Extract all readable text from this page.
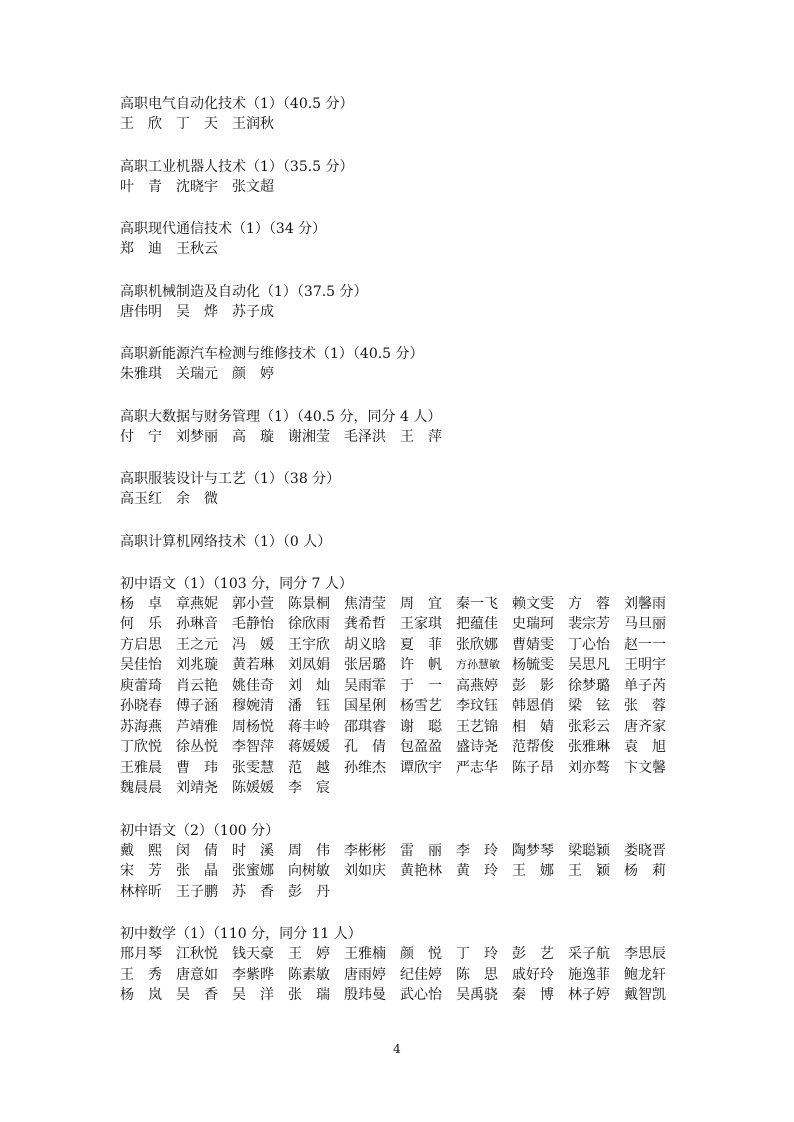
高职电气自动化技术（1）（40.5 分）
王　欣	丁　天	王润秋
高职工业机器人技术（1）（35.5 分）
叶　青	沈晓宇	张文超
高职现代通信技术（1）（34 分）
郑　迪	王秋云
高职机械制造及自动化（1）（37.5 分）
唐伟明	吴　烨	苏子成
高职新能源汽车检测与维修技术（1）（40.5 分）
朱雅琪	关瑞元	颜　婷
高职大数据与财务管理（1）（40.5 分，同分 4 人）
付　宁	刘梦丽	高　璇	谢湘莹	毛泽洪	王　萍
高职服装设计与工艺（1）（38 分）
高玉红	余　微
高职计算机网络技术（1）（0 人）
初中语文（1）（103 分，同分 7 人）
杨　卓	章燕妮	郭小萱	陈景桐	焦清莹	周　宜	秦一飞	赖文雯	方　蓉	刘馨雨
何　乐	孙琳音	毛静怡	徐欣雨	龚希哲	王家琪	把蕴佳	史瑞珂	裴宗芳	马旦丽
方启思	王之元	冯　媛	王宇欣	胡义晗	夏　菲	张欣娜	曹婧雯	丁心怡	赵一一
吴佳怡	刘兆璇	黄若琳	刘凤娟	张居璐	许　帆	方孙慧敏 杨毓雯	吴思凡	王明宇
庾蕾琦	肖云艳	姚佳奇	刘　灿	吴雨霏	于　一	高燕婷	彭　影	徐梦璐	单子芮
孙晓春	傅子涵	穆婉清	潘　钰	国星俐	杨雪艺	李玟钰	韩恩俏	梁　铉	张　蓉
苏海燕	芦靖雅	周杨悦	蒋丰岭	邵琪睿	谢　聪	王艺锦	相　婧	张彩云	唐齐家
丁欣悦	徐丛悦	李智萍	蒋媛媛	孔　倩	包盈盈	盛诗尧	范帮俊	张雅琳	袁　旭
王雅晨	曹　玮	张雯慧	范　越	孙维杰	谭欣宇	严志华	陈子昂	刘亦骜	卞文馨
魏晨晨	刘靖尧	陈媛媛	李　宸
初中语文（2）（100 分）
戴　熙	闵　倩	时　溪	周　伟	李彬彬	雷　丽	李　玲	陶梦琴	梁聪颖	娄晓晋
宋　芳	张　晶	张蜜娜	向树敏	刘如庆	黄艳林	黄　玲	王　娜	王　颖	杨　莉
林梓昕	王子鹏	苏　香	彭　丹
初中数学（1）（110 分，同分 11 人）
邢月琴	江秋悦	钱天豪	王　婷	王雅楠	颜　悦	丁　玲	彭　艺	采子航	李思辰
王　秀	唐意如	李紫晔	陈素敏	唐雨婷	纪佳婷	陈　思	戚好玲	施逸菲	鲍龙轩
杨　岚	吴　香	吴　洋	张　瑞	殷玮曼	武心怡	吴禹骁	秦　博	林子婷	戴智凯
4
